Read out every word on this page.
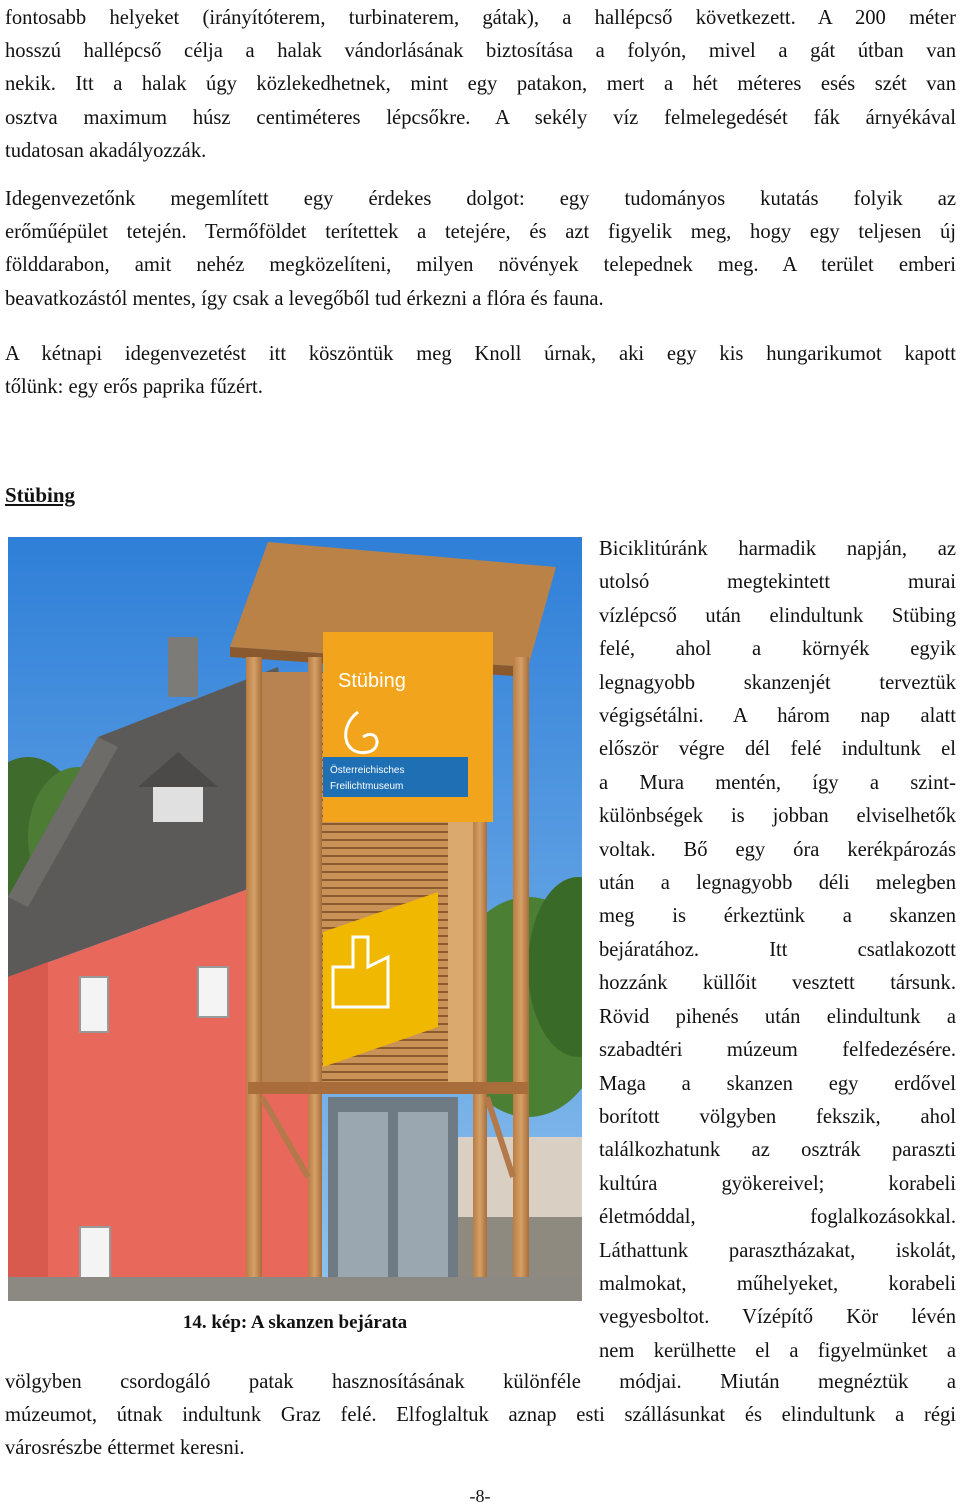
fontosabb helyeket (irányítóterem, turbinaterem, gátak), a hallépcső következett. A 200 méter
hosszú hallépcső célja a halak vándorlásának biztosítása a folyón, mivel a gát útban van
nekik. Itt a halak úgy közlekedhetnek, mint egy patakon, mert a hét méteres esés szét van
osztva maximum húsz centiméteres lépcsőkre. A sekély víz felmelegedését fák árnyékával
tudatosan akadályozzák.
Idegenvezetőnk megemlített egy érdekes dolgot: egy tudományos kutatás folyik az
erőműépület tetején. Termőföldet terítettek a tetejére, és azt figyelik meg, hogy egy teljesen új
földdarabon, amit nehéz megközelíteni, milyen növények telepednek meg. A terület emberi
beavatkozástól mentes, így csak a levegőből tud érkezni a flóra és fauna.
A kétnapi idegenvezetést itt köszöntük meg Knoll úrnak, aki egy kis hungarikumot kapott
tőlünk: egy erős paprika fűzért.
Stübing
Stübing
Österreichisches
Freilichtmuseum
14. kép: A skanzen bejárata
Biciklitúránk harmadik napján, az
utolsó megtekintett murai
vízlépcső után elindultunk Stübing
felé, ahol a környék egyik
legnagyobb skanzenjét terveztük
végigsétálni. A három nap alatt
először végre dél felé indultunk el
a Mura mentén, így a szint-
különbségek is jobban elviselhetők
voltak. Bő egy óra kerékpározás
után a legnagyobb déli melegben
meg is érkeztünk a skanzen
bejáratához. Itt csatlakozott
hozzánk küllőit vesztett társunk.
Rövid pihenés után elindultunk a
szabadtéri múzeum felfedezésére.
Maga a skanzen egy erdővel
borított völgyben fekszik, ahol
találkozhatunk az osztrák paraszti
kultúra gyökereivel; korabeli
életmóddal, foglalkozásokkal.
Láthattunk parasztházakat, iskolát,
malmokat, műhelyeket, korabeli
vegyesboltot. Vízépítő Kör lévén
nem kerülhette el a figyelmünket a
völgyben csordogáló patak hasznosításának különféle módjai. Miután megnéztük a
múzeumot, útnak indultunk Graz felé. Elfoglaltuk aznap esti szállásunkat és elindultunk a régi
városrészbe éttermet keresni.
-8-
